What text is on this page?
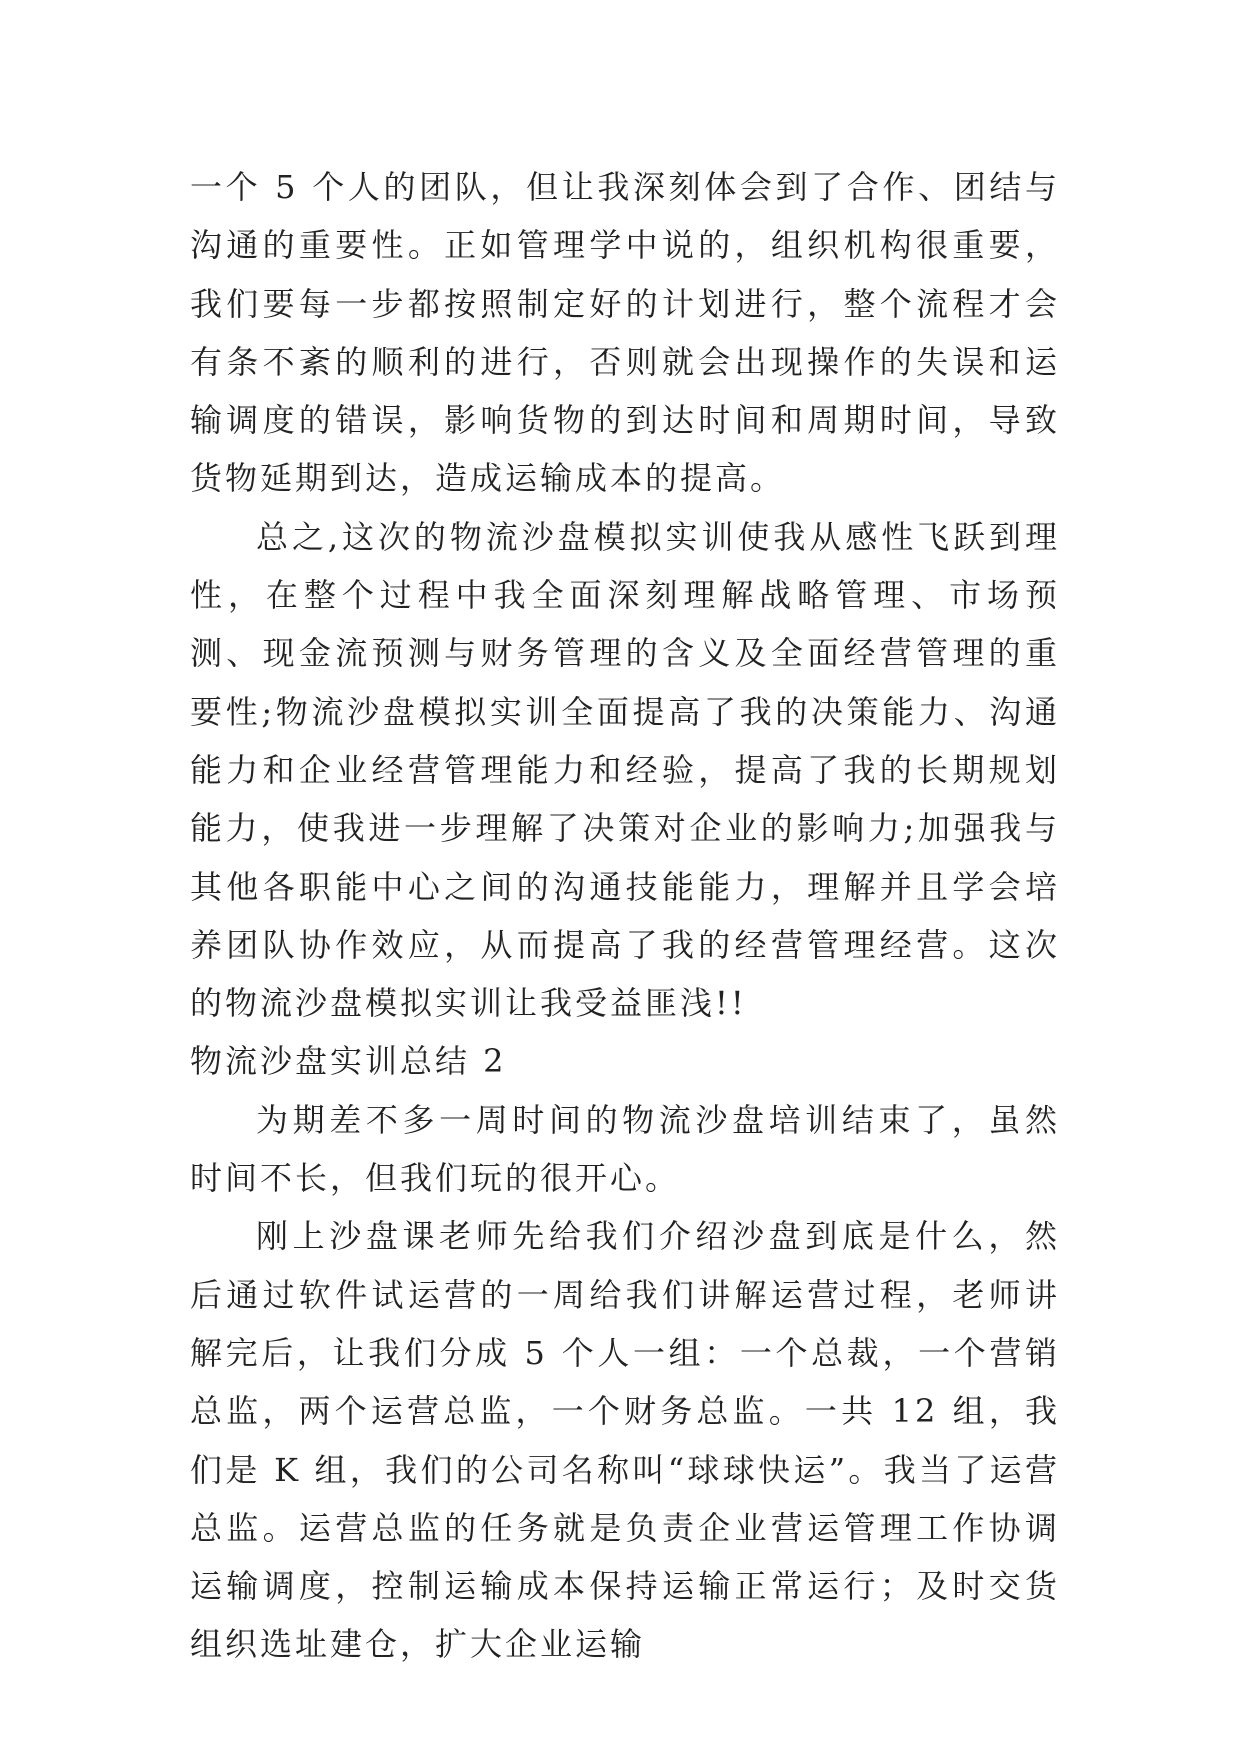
一个 5 个人的团队，但让我深刻体会到了合作、团结与沟通的重要性。正如管理学中说的，组织机构很重要，我们要每一步都按照制定好的计划进行，整个流程才会有条不紊的顺利的进行，否则就会出现操作的失误和运输调度的错误，影响货物的到达时间和周期时间，导致货物延期到达，造成运输成本的提高。

总之,这次的物流沙盘模拟实训使我从感性飞跃到理性，在整个过程中我全面深刻理解战略管理、市场预测、现金流预测与财务管理的含义及全面经营管理的重要性;物流沙盘模拟实训全面提高了我的决策能力、沟通能力和企业经营管理能力和经验，提高了我的长期规划能力，使我进一步理解了决策对企业的影响力;加强我与其他各职能中心之间的沟通技能能力，理解并且学会培养团队协作效应，从而提高了我的经营管理经营。这次的物流沙盘模拟实训让我受益匪浅!!

物流沙盘实训总结 2

为期差不多一周时间的物流沙盘培训结束了，虽然时间不长，但我们玩的很开心。

刚上沙盘课老师先给我们介绍沙盘到底是什么，然后通过软件试运营的一周给我们讲解运营过程，老师讲解完后，让我们分成 5 个人一组：一个总裁，一个营销总监，两个运营总监，一个财务总监。一共 12 组，我们是 K 组，我们的公司名称叫“球球快运”。我当了运营总监。运营总监的任务就是负责企业营运管理工作协调运输调度，控制运输成本保持运输正常运行；及时交货组织选址建仓，扩大企业运输
